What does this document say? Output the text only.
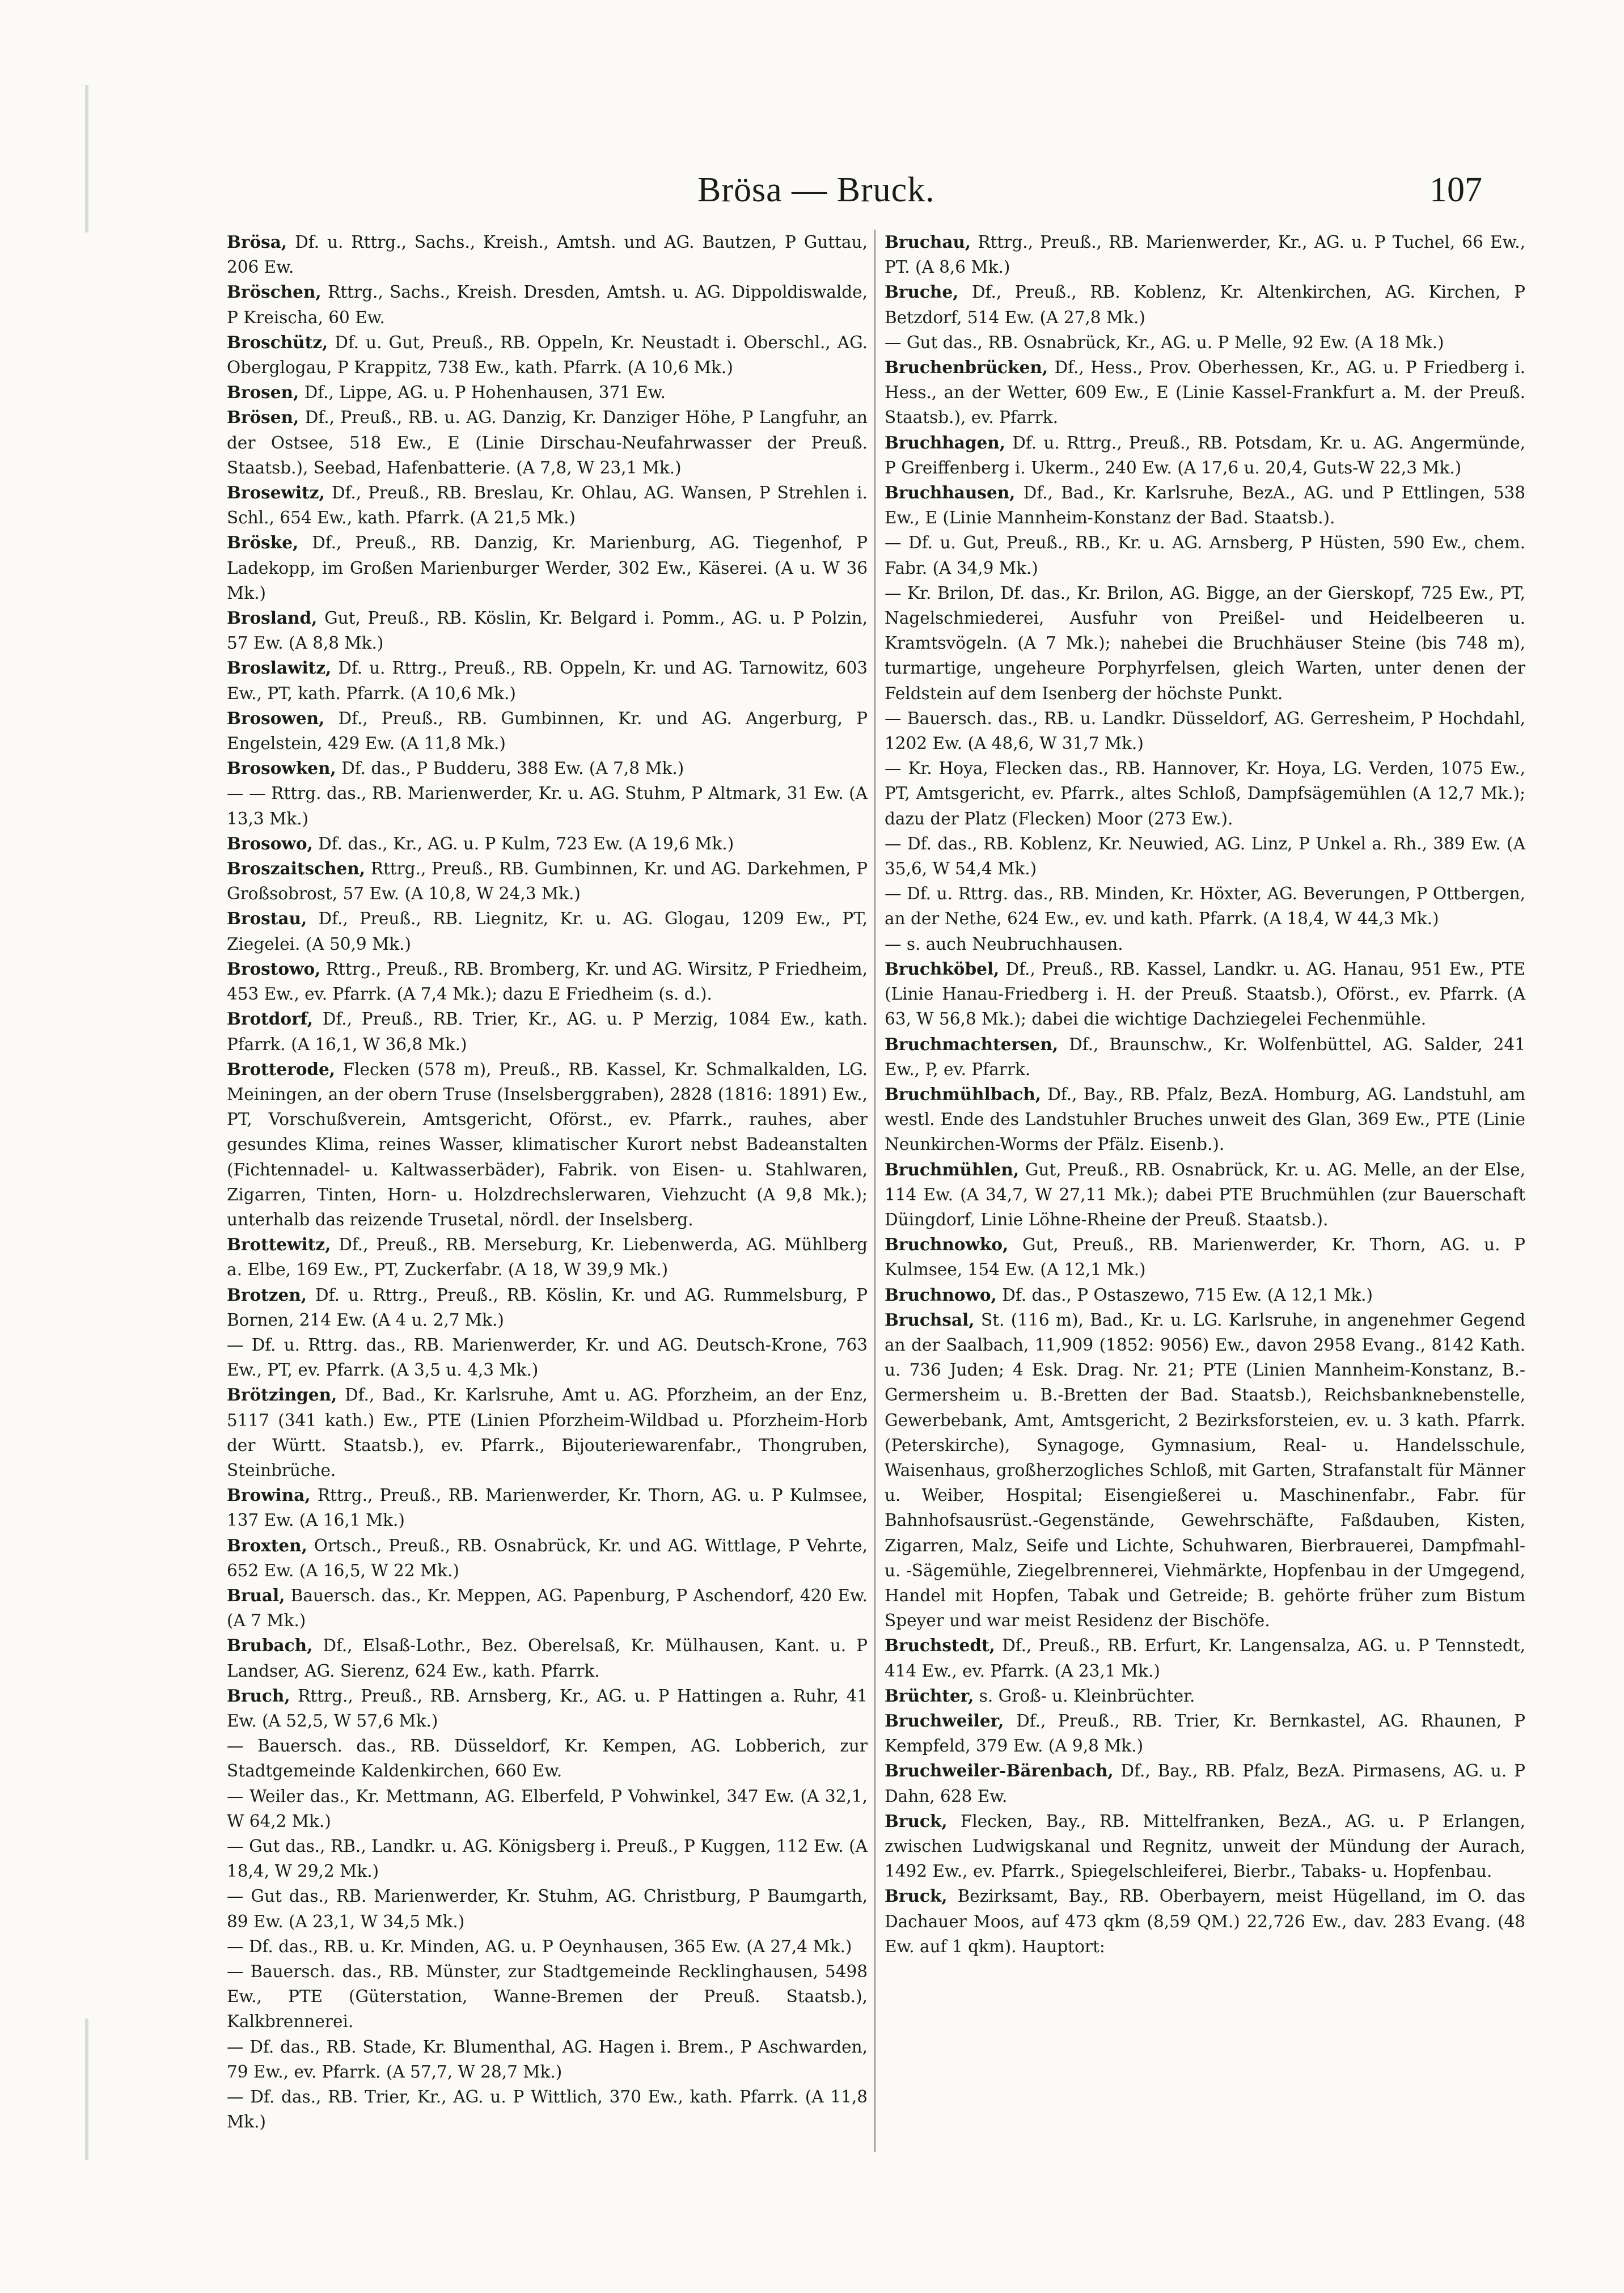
Brösa — Bruck.	107

Brösa, Df. u. Rttrg., Sachs., Kreish., Amtsh. und AG. Bautzen, P Guttau, 206 Ew.

Bröschen, Rttrg., Sachs., Kreish. Dresden, Amtsh. u. AG. Dippoldiswalde, P Kreischa, 60 Ew.

Broschütz, Df. u. Gut, Preuß., RB. Oppeln, Kr. Neustadt i. Oberschl., AG. Oberglogau, P Krappitz, 738 Ew., kath. Pfarrk. (A 10,6 Mk.)

Brosen, Df., Lippe, AG. u. P Hohenhausen, 371 Ew.

Brösen, Df., Preuß., RB. u. AG. Danzig, Kr. Danziger Höhe, P Langfuhr, an der Ostsee, 518 Ew., E (Linie Dirschau-Neufahrwasser der Preuß. Staatsb.), Seebad, Hafenbatterie. (A 7,8, W 23,1 Mk.)

Brosewitz, Df., Preuß., RB. Breslau, Kr. Ohlau, AG. Wansen, P Strehlen i. Schl., 654 Ew., kath. Pfarrk. (A 21,5 Mk.)

Bröske, Df., Preuß., RB. Danzig, Kr. Marienburg, AG. Tiegenhof, P Ladekopp, im Großen Marienburger Werder, 302 Ew., Käserei. (A u. W 36 Mk.)

Brosland, Gut, Preuß., RB. Köslin, Kr. Belgard i. Pomm., AG. u. P Polzin, 57 Ew. (A 8,8 Mk.)

Broslawitz, Df. u. Rttrg., Preuß., RB. Oppeln, Kr. und AG. Tarnowitz, 603 Ew., PT, kath. Pfarrk. (A 10,6 Mk.)

Brosowen, Df., Preuß., RB. Gumbinnen, Kr. und AG. Angerburg, P Engelstein, 429 Ew. (A 11,8 Mk.)

Brosowken, Df. das., P Budderu, 388 Ew. (A 7,8 Mk.)

— — Rttrg. das., RB. Marienwerder, Kr. u. AG. Stuhm, P Altmark, 31 Ew. (A 13,3 Mk.)

Brosowo, Df. das., Kr., AG. u. P Kulm, 723 Ew. (A 19,6 Mk.)

Broszaitschen, Rttrg., Preuß., RB. Gumbinnen, Kr. und AG. Darkehmen, P Großsobrost, 57 Ew. (A 10,8, W 24,3 Mk.)

Brostau, Df., Preuß., RB. Liegnitz, Kr. u. AG. Glogau, 1209 Ew., PT, Ziegelei. (A 50,9 Mk.)

Brostowo, Rttrg., Preuß., RB. Bromberg, Kr. und AG. Wirsitz, P Friedheim, 453 Ew., ev. Pfarrk. (A 7,4 Mk.); dazu E Friedheim (s. d.).

Brotdorf, Df., Preuß., RB. Trier, Kr., AG. u. P Merzig, 1084 Ew., kath. Pfarrk. (A 16,1, W 36,8 Mk.)

Brotterode, Flecken (578 m), Preuß., RB. Kassel, Kr. Schmalkalden, LG. Meiningen, an der obern Truse (Inselsberggraben), 2828 (1816: 1891) Ew., PT, Vorschußverein, Amtsgericht, Oförst., ev. Pfarrk., rauhes, aber gesundes Klima, reines Wasser, klimatischer Kurort nebst Badeanstalten (Fichtennadel- u. Kaltwasserbäder), Fabrik. von Eisen- u. Stahlwaren, Zigarren, Tinten, Horn- u. Holzdrechslerwaren, Viehzucht (A 9,8 Mk.); unterhalb das reizende Trusetal, nördl. der Inselsberg.

Brottewitz, Df., Preuß., RB. Merseburg, Kr. Liebenwerda, AG. Mühlberg a. Elbe, 169 Ew., PT, Zuckerfabr. (A 18, W 39,9 Mk.)

Brotzen, Df. u. Rttrg., Preuß., RB. Köslin, Kr. und AG. Rummelsburg, P Bornen, 214 Ew. (A 4 u. 2,7 Mk.)

— Df. u. Rttrg. das., RB. Marienwerder, Kr. und AG. Deutsch-Krone, 763 Ew., PT, ev. Pfarrk. (A 3,5 u. 4,3 Mk.)

Brötzingen, Df., Bad., Kr. Karlsruhe, Amt u. AG. Pforzheim, an der Enz, 5117 (341 kath.) Ew., PTE (Linien Pforzheim-Wildbad u. Pforzheim-Horb der Württ. Staatsb.), ev. Pfarrk., Bijouteriewarenfabr., Thongruben, Steinbrüche.

Browina, Rttrg., Preuß., RB. Marienwerder, Kr. Thorn, AG. u. P Kulmsee, 137 Ew. (A 16,1 Mk.)

Broxten, Ortsch., Preuß., RB. Osnabrück, Kr. und AG. Wittlage, P Vehrte, 652 Ew. (A 16,5, W 22 Mk.)

Brual, Bauersch. das., Kr. Meppen, AG. Papenburg, P Aschendorf, 420 Ew. (A 7 Mk.)

Brubach, Df., Elsaß-Lothr., Bez. Oberelsaß, Kr. Mülhausen, Kant. u. P Landser, AG. Sierenz, 624 Ew., kath. Pfarrk.

Bruch, Rttrg., Preuß., RB. Arnsberg, Kr., AG. u. P Hattingen a. Ruhr, 41 Ew. (A 52,5, W 57,6 Mk.)

— Bauersch. das., RB. Düsseldorf, Kr. Kempen, AG. Lobberich, zur Stadtgemeinde Kaldenkirchen, 660 Ew.

— Weiler das., Kr. Mettmann, AG. Elberfeld, P Vohwinkel, 347 Ew. (A 32,1, W 64,2 Mk.)

— Gut das., RB., Landkr. u. AG. Königsberg i. Preuß., P Kuggen, 112 Ew. (A 18,4, W 29,2 Mk.)

— Gut das., RB. Marienwerder, Kr. Stuhm, AG. Christburg, P Baumgarth, 89 Ew. (A 23,1, W 34,5 Mk.)

— Df. das., RB. u. Kr. Minden, AG. u. P Oeynhausen, 365 Ew. (A 27,4 Mk.)

— Bauersch. das., RB. Münster, zur Stadtgemeinde Recklinghausen, 5498 Ew., PTE (Güterstation, Wanne-Bremen der Preuß. Staatsb.), Kalkbrennerei.

— Df. das., RB. Stade, Kr. Blumenthal, AG. Hagen i. Brem., P Aschwarden, 79 Ew., ev. Pfarrk. (A 57,7, W 28,7 Mk.)

— Df. das., RB. Trier, Kr., AG. u. P Wittlich, 370 Ew., kath. Pfarrk. (A 11,8 Mk.)

Bruchau, Rttrg., Preuß., RB. Marienwerder, Kr., AG. u. P Tuchel, 66 Ew., PT. (A 8,6 Mk.)

Bruche, Df., Preuß., RB. Koblenz, Kr. Altenkirchen, AG. Kirchen, P Betzdorf, 514 Ew. (A 27,8 Mk.)

— Gut das., RB. Osnabrück, Kr., AG. u. P Melle, 92 Ew. (A 18 Mk.)

Bruchenbrücken, Df., Hess., Prov. Oberhessen, Kr., AG. u. P Friedberg i. Hess., an der Wetter, 609 Ew., E (Linie Kassel-Frankfurt a. M. der Preuß. Staatsb.), ev. Pfarrk.

Bruchhagen, Df. u. Rttrg., Preuß., RB. Potsdam, Kr. u. AG. Angermünde, P Greiffenberg i. Ukerm., 240 Ew. (A 17,6 u. 20,4, Guts-W 22,3 Mk.)

Bruchhausen, Df., Bad., Kr. Karlsruhe, BezA., AG. und P Ettlingen, 538 Ew., E (Linie Mannheim-Konstanz der Bad. Staatsb.).

— Df. u. Gut, Preuß., RB., Kr. u. AG. Arnsberg, P Hüsten, 590 Ew., chem. Fabr. (A 34,9 Mk.)

— Kr. Brilon, Df. das., Kr. Brilon, AG. Bigge, an der Gierskopf, 725 Ew., PT, Nagelschmiederei, Ausfuhr von Preißel- und Heidelbeeren u. Kramtsvögeln. (A 7 Mk.); nahebei die Bruchhäuser Steine (bis 748 m), turmartige, ungeheure Porphyrfelsen, gleich Warten, unter denen der Feldstein auf dem Isenberg der höchste Punkt.

— Bauersch. das., RB. u. Landkr. Düsseldorf, AG. Gerresheim, P Hochdahl, 1202 Ew. (A 48,6, W 31,7 Mk.)

— Kr. Hoya, Flecken das., RB. Hannover, Kr. Hoya, LG. Verden, 1075 Ew., PT, Amtsgericht, ev. Pfarrk., altes Schloß, Dampfsägemühlen (A 12,7 Mk.); dazu der Platz (Flecken) Moor (273 Ew.).

— Df. das., RB. Koblenz, Kr. Neuwied, AG. Linz, P Unkel a. Rh., 389 Ew. (A 35,6, W 54,4 Mk.)

— Df. u. Rttrg. das., RB. Minden, Kr. Höxter, AG. Beverungen, P Ottbergen, an der Nethe, 624 Ew., ev. und kath. Pfarrk. (A 18,4, W 44,3 Mk.)

— s. auch Neubruchhausen.

Bruchköbel, Df., Preuß., RB. Kassel, Landkr. u. AG. Hanau, 951 Ew., PTE (Linie Hanau-Friedberg i. H. der Preuß. Staatsb.), Oförst., ev. Pfarrk. (A 63, W 56,8 Mk.); dabei die wichtige Dachziegelei Fechenmühle.

Bruchmachtersen, Df., Braunschw., Kr. Wolfenbüttel, AG. Salder, 241 Ew., P, ev. Pfarrk.

Bruchmühlbach, Df., Bay., RB. Pfalz, BezA. Homburg, AG. Landstuhl, am westl. Ende des Landstuhler Bruches unweit des Glan, 369 Ew., PTE (Linie Neunkirchen-Worms der Pfälz. Eisenb.).

Bruchmühlen, Gut, Preuß., RB. Osnabrück, Kr. u. AG. Melle, an der Else, 114 Ew. (A 34,7, W 27,11 Mk.); dabei PTE Bruchmühlen (zur Bauerschaft Düingdorf, Linie Löhne-Rheine der Preuß. Staatsb.).

Bruchnowko, Gut, Preuß., RB. Marienwerder, Kr. Thorn, AG. u. P Kulmsee, 154 Ew. (A 12,1 Mk.)

Bruchnowo, Df. das., P Ostaszewo, 715 Ew. (A 12,1 Mk.)

Bruchsal, St. (116 m), Bad., Kr. u. LG. Karlsruhe, in angenehmer Gegend an der Saalbach, 11,909 (1852: 9056) Ew., davon 2958 Evang., 8142 Kath. u. 736 Juden; 4 Esk. Drag. Nr. 21; PTE (Linien Mannheim-Konstanz, B.-Germersheim u. B.-Bretten der Bad. Staatsb.), Reichsbanknebenstelle, Gewerbebank, Amt, Amtsgericht, 2 Bezirksforsteien, ev. u. 3 kath. Pfarrk. (Peterskirche), Synagoge, Gymnasium, Real- u. Handelsschule, Waisenhaus, großherzogliches Schloß, mit Garten, Strafanstalt für Männer u. Weiber, Hospital; Eisengießerei u. Maschinenfabr., Fabr. für Bahnhofsausrüst.-Gegenstände, Gewehrschäfte, Faßdauben, Kisten, Zigarren, Malz, Seife und Lichte, Schuhwaren, Bierbrauerei, Dampfmahl- u. -Sägemühle, Ziegelbrennerei, Viehmärkte, Hopfenbau in der Umgegend, Handel mit Hopfen, Tabak und Getreide; B. gehörte früher zum Bistum Speyer und war meist Residenz der Bischöfe.

Bruchstedt, Df., Preuß., RB. Erfurt, Kr. Langensalza, AG. u. P Tennstedt, 414 Ew., ev. Pfarrk. (A 23,1 Mk.)

Brüchter, s. Groß- u. Kleinbrüchter.

Bruchweiler, Df., Preuß., RB. Trier, Kr. Bernkastel, AG. Rhaunen, P Kempfeld, 379 Ew. (A 9,8 Mk.)

Bruchweiler-Bärenbach, Df., Bay., RB. Pfalz, BezA. Pirmasens, AG. u. P Dahn, 628 Ew.

Bruck, Flecken, Bay., RB. Mittelfranken, BezA., AG. u. P Erlangen, zwischen Ludwigskanal und Regnitz, unweit der Mündung der Aurach, 1492 Ew., ev. Pfarrk., Spiegelschleiferei, Bierbr., Tabaks- u. Hopfenbau.

Bruck, Bezirksamt, Bay., RB. Oberbayern, meist Hügelland, im O. das Dachauer Moos, auf 473 qkm (8,59 QM.) 22,726 Ew., dav. 283 Evang. (48 Ew. auf 1 qkm). Hauptort:
